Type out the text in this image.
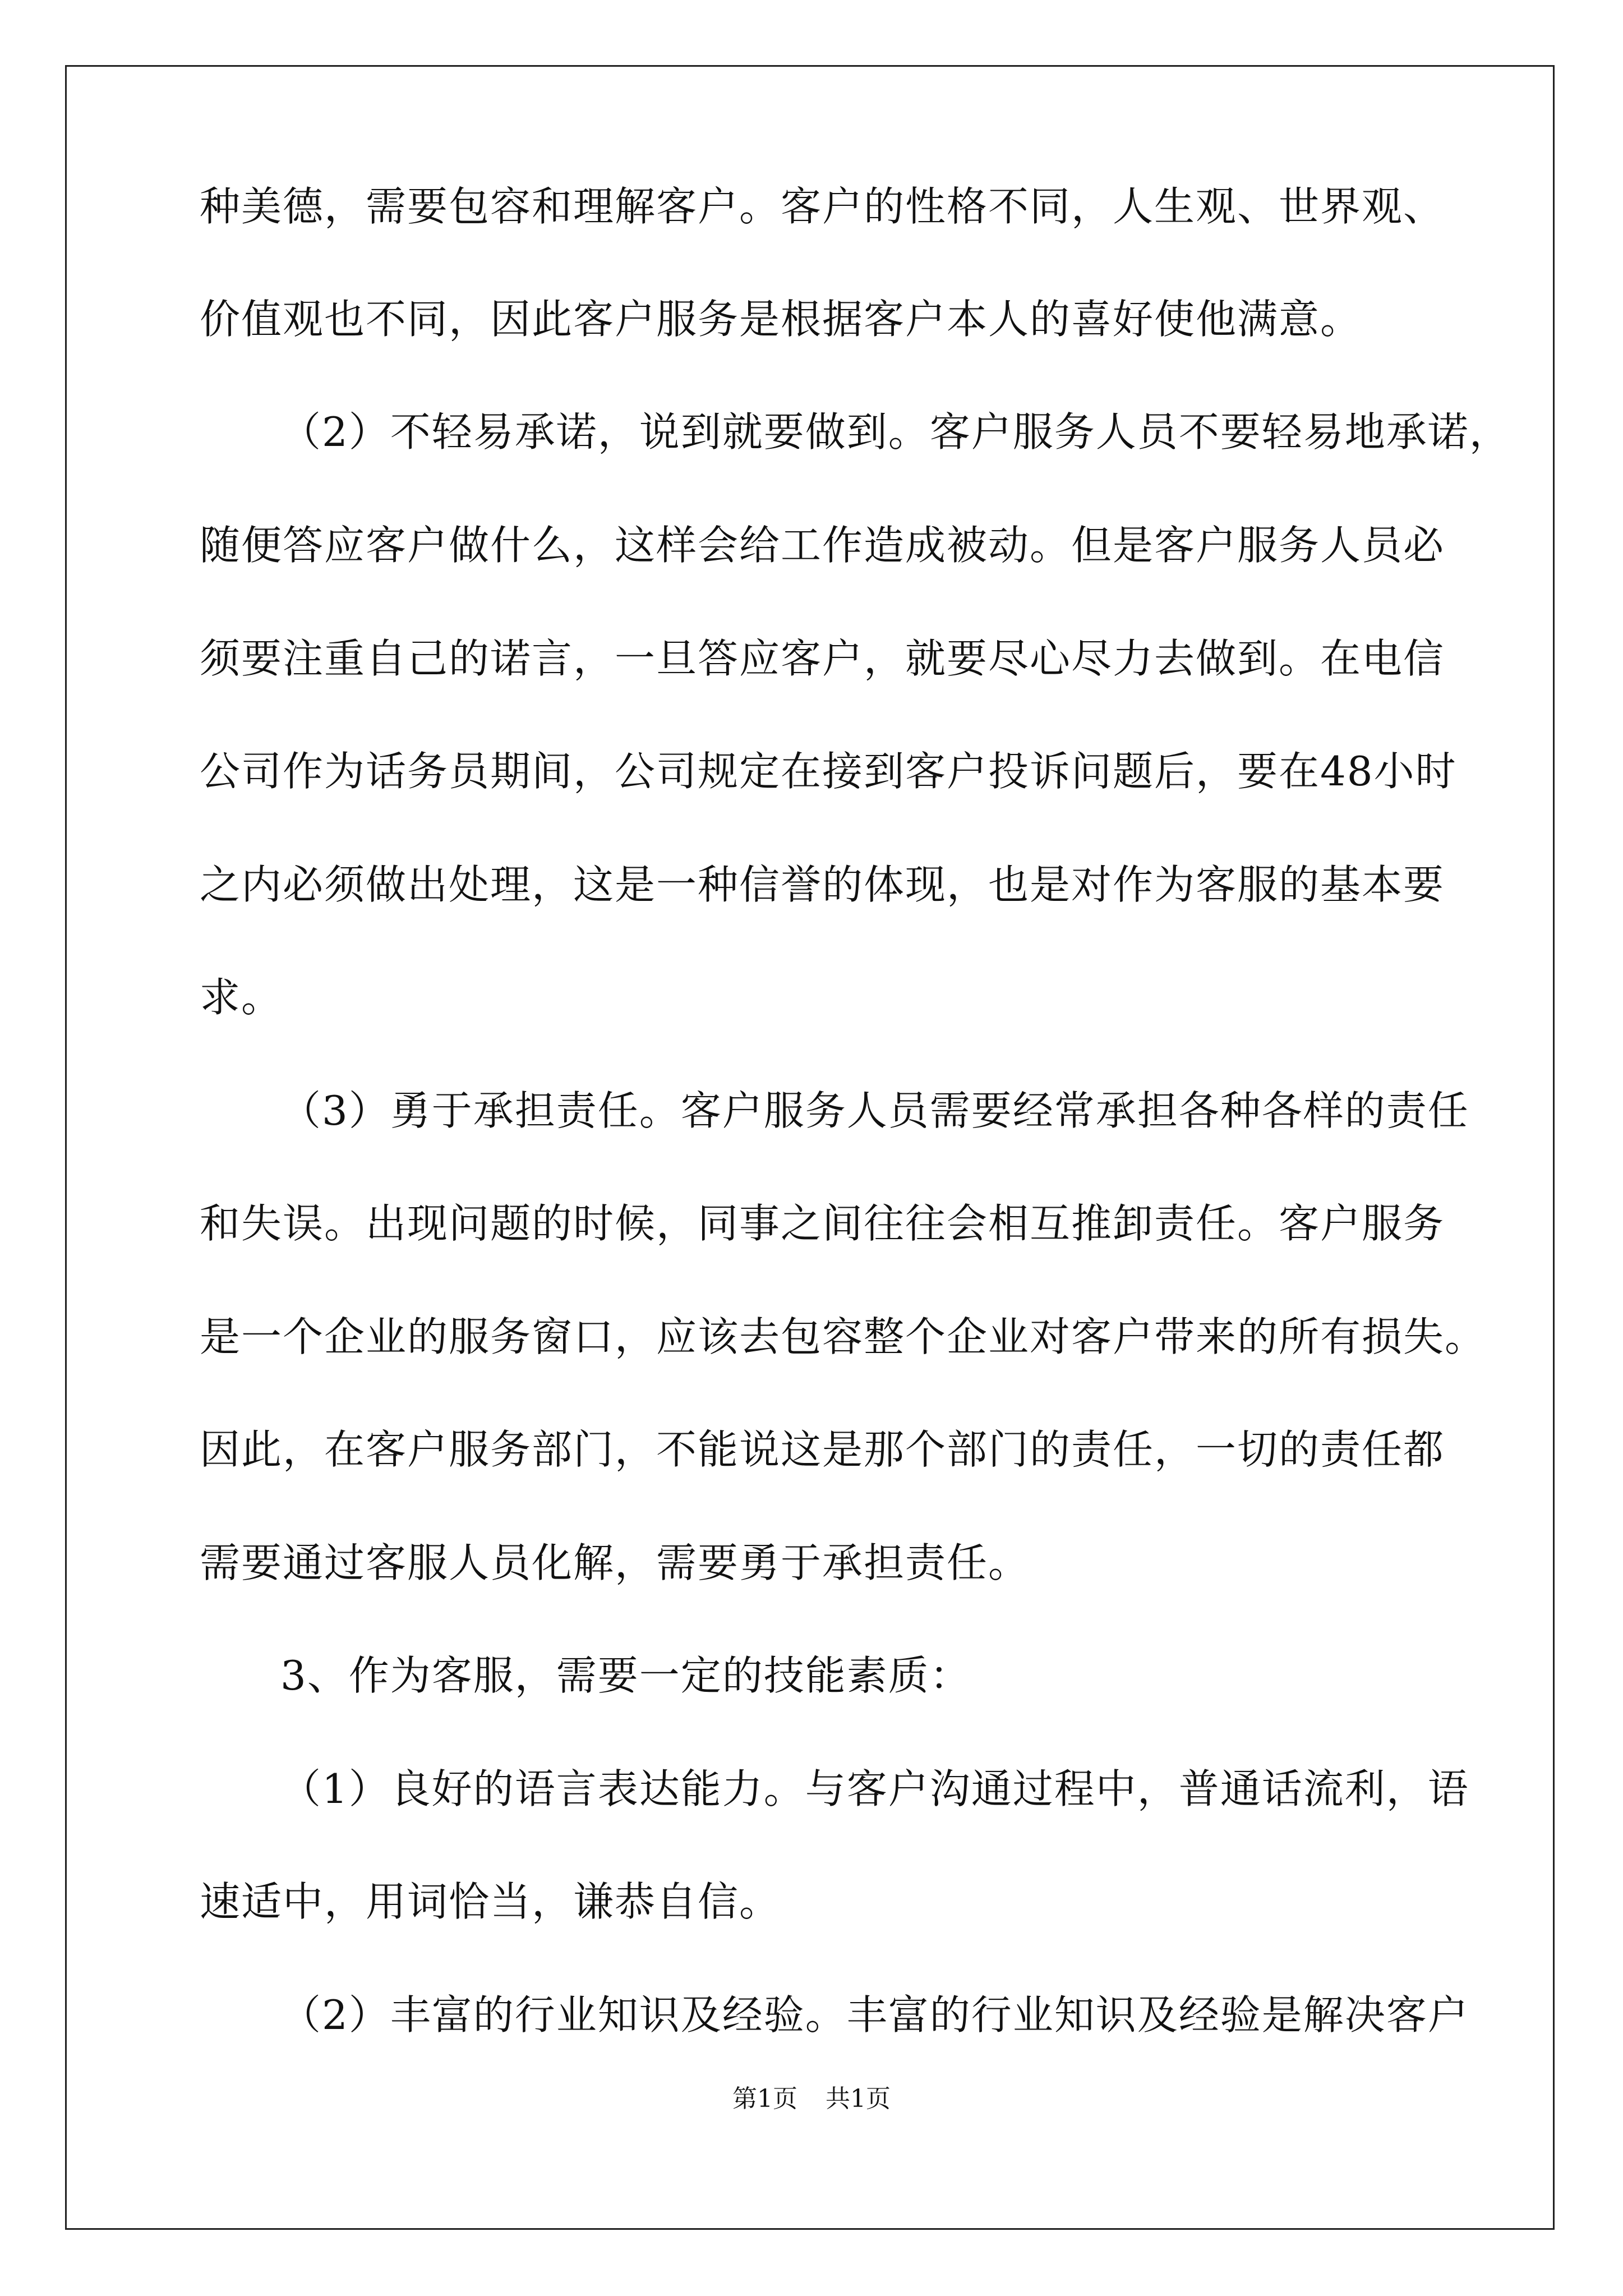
种美德，需要包容和理解客户。客户的性格不同，人生观、世界观、
价值观也不同，因此客户服务是根据客户本人的喜好使他满意。
（2）不轻易承诺，说到就要做到。客户服务人员不要轻易地承诺，
随便答应客户做什么，这样会给工作造成被动。但是客户服务人员必
须要注重自己的诺言，一旦答应客户，就要尽心尽力去做到。在电信
公司作为话务员期间，公司规定在接到客户投诉问题后，要在48小时
之内必须做出处理，这是一种信誉的体现，也是对作为客服的基本要
求。
（3）勇于承担责任。客户服务人员需要经常承担各种各样的责任
和失误。出现问题的时候，同事之间往往会相互推卸责任。客户服务
是一个企业的服务窗口，应该去包容整个企业对客户带来的所有损失。
因此，在客户服务部门，不能说这是那个部门的责任，一切的责任都
需要通过客服人员化解，需要勇于承担责任。
3、作为客服，需要一定的技能素质：
（1）良好的语言表达能力。与客户沟通过程中，普通话流利，语
速适中，用词恰当，谦恭自信。
（2）丰富的行业知识及经验。丰富的行业知识及经验是解决客户
第1页 共1页
